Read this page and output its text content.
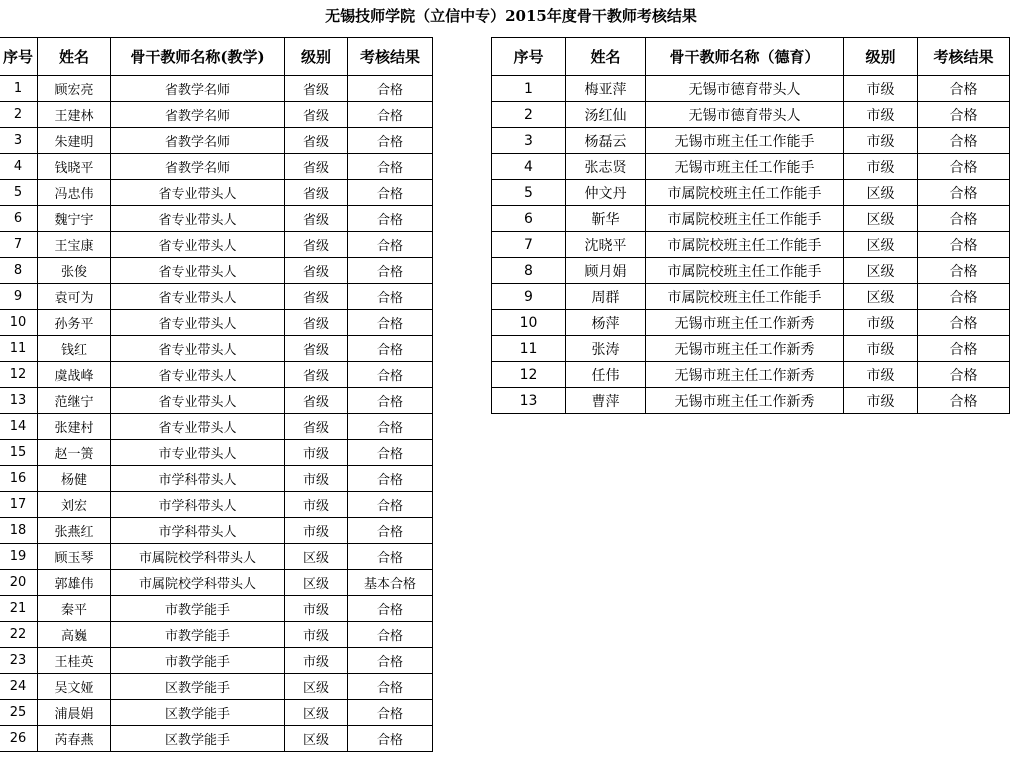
无锡技师学院（立信中专）2015年度骨干教师考核结果
序号	姓名	骨干教师名称(教学)	级别	考核结果
1	顾宏亮	省教学名师	省级	合格
2	王建林	省教学名师	省级	合格
3	朱建明	省教学名师	省级	合格
4	钱晓平	省教学名师	省级	合格
5	冯忠伟	省专业带头人	省级	合格
6	魏宁宇	省专业带头人	省级	合格
7	王宝康	省专业带头人	省级	合格
8	张俊	省专业带头人	省级	合格
9	袁可为	省专业带头人	省级	合格
10	孙务平	省专业带头人	省级	合格
11	钱红	省专业带头人	省级	合格
12	虞战峰	省专业带头人	省级	合格
13	范继宁	省专业带头人	省级	合格
14	张建村	省专业带头人	省级	合格
15	赵一箦	市专业带头人	市级	合格
16	杨健	市学科带头人	市级	合格
17	刘宏	市学科带头人	市级	合格
18	张燕红	市学科带头人	市级	合格
19	顾玉琴	市属院校学科带头人	区级	合格
20	郭雄伟	市属院校学科带头人	区级	基本合格
21	秦平	市教学能手	市级	合格
22	高巍	市教学能手	市级	合格
23	王桂英	市教学能手	市级	合格
24	吴文娅	区教学能手	区级	合格
25	浦晨娟	区教学能手	区级	合格
26	芮春燕	区教学能手	区级	合格
序号	姓名	骨干教师名称（德育）	级别	考核结果
1	梅亚萍	无锡市德育带头人	市级	合格
2	汤红仙	无锡市德育带头人	市级	合格
3	杨磊云	无锡市班主任工作能手	市级	合格
4	张志贤	无锡市班主任工作能手	市级	合格
5	仲文丹	市属院校班主任工作能手	区级	合格
6	靳华	市属院校班主任工作能手	区级	合格
7	沈晓平	市属院校班主任工作能手	区级	合格
8	顾月娟	市属院校班主任工作能手	区级	合格
9	周群	市属院校班主任工作能手	区级	合格
10	杨萍	无锡市班主任工作新秀	市级	合格
11	张涛	无锡市班主任工作新秀	市级	合格
12	任伟	无锡市班主任工作新秀	市级	合格
13	曹萍	无锡市班主任工作新秀	市级	合格
